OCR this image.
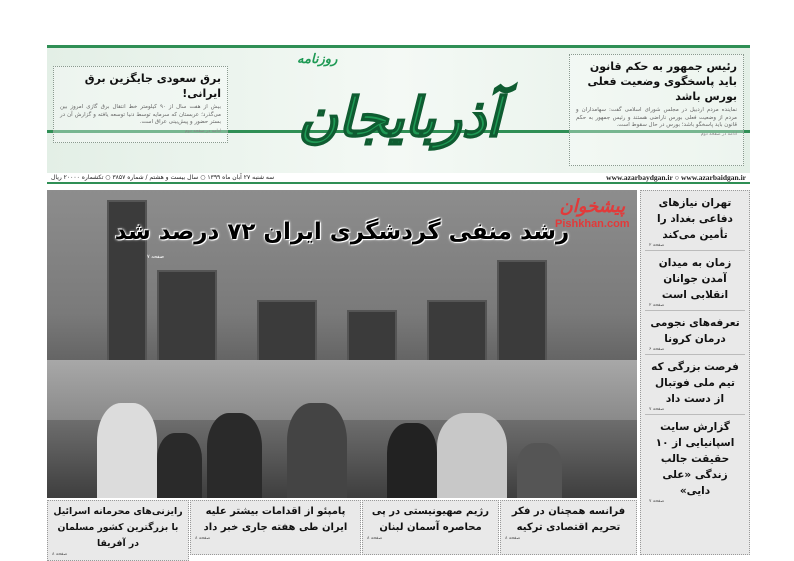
برق سعودی جایگزین برق ایرانی!

بیش از هفت سال از ۹۰ کیلومتر خط انتقال برق گازی امروز بین می‌گذرد؛ عربستان که سرمایه توسط دنیا توسعه یافته و گزارش آن در بستر حضور و پیش‌بینی عراق است.

ادامه در صفحه دوم
روزنامه
آذربایجان
رئیس جمهور به حکم قانون باید پاسخگوی وضعیت فعلی بورس باشد

نماینده مردم اردبیل در مجلس شورای اسلامی گفت: سهامداران و مردم از وضعیت فعلی بورس ناراضی هستند و رئیس جمهور به حکم قانون باید پاسخگو باشد؛ بورس در حال سقوط است.

ادامه در صفحه دوم
www.azarbaydgan.ir ○ www.azarbaidgan.ir
سه شنبه ۲۷ آبان ماه ۱۳۹۹ ○ سال بیست و هشتم / شماره ۳۸۵۷ ○ تکشماره ۲۰۰۰۰ ریال
رشد منفی گردشگری ایران ۷۲ درصد شد
صفحه ۷
پیشخوان
Pishkhan.com
تهران نیازهای دفاعی بغداد را تأمین می‌کند
صفحه ۲
زمان به میدان آمدن جوانان انقلابی است
صفحه ۲
تعرفه‌های نجومی درمان کرونا
صفحه ۶
فرصت بزرگی که تیم ملی فوتبال از دست داد
صفحه ۷
گزارش سایت اسپانیایی از ۱۰ حقیقت جالب زندگی «علی دایی»
صفحه ۷
فرانسه همچنان در فکر تحریم اقتصادی ترکیه
صفحه ۸
رژیم صهیونیستی در پی محاصره آسمان لبنان
صفحه ۸
پامپئو از اقدامات بیشتر علیه ایران طی هفته جاری خبر داد
صفحه ۸
رایزنی‌های محرمانه اسرائیل با بزرگترین کشور مسلمان در آفریقا
صفحه ۸
